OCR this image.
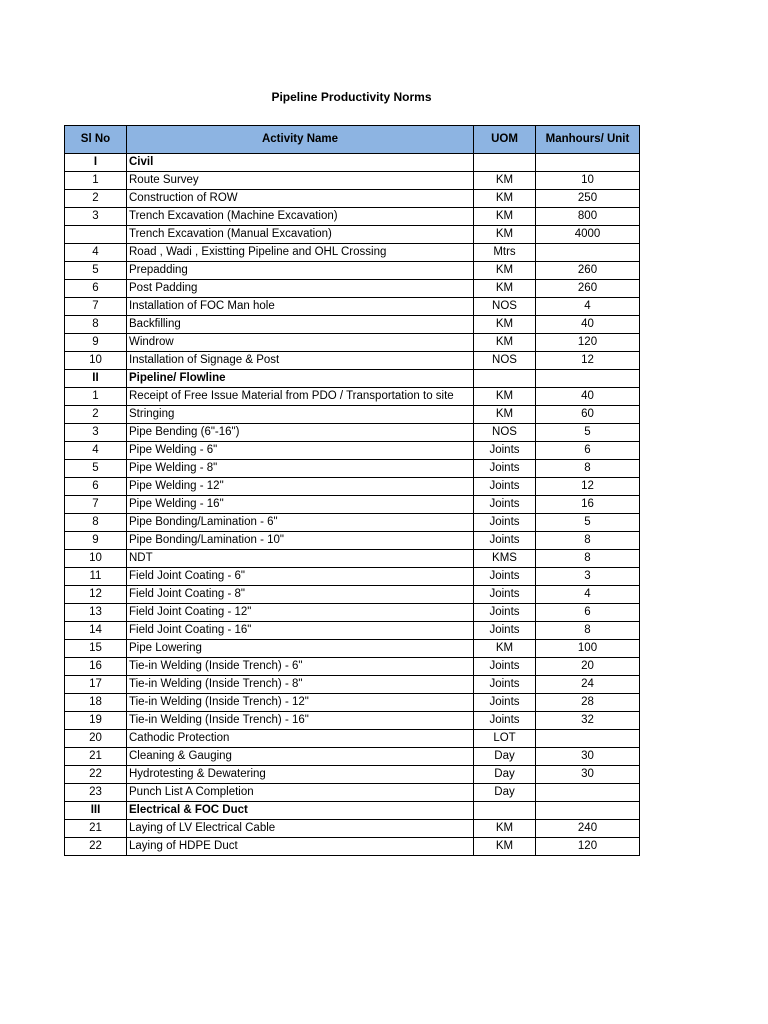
Pipeline Productivity Norms
Sl No	Activity Name	UOM	Manhours/ Unit
I	Civil		
1	Route Survey	KM	10
2	Construction of ROW	KM	250
3	Trench Excavation (Machine Excavation)	KM	800
	Trench Excavation (Manual Excavation)	KM	4000
4	Road , Wadi , Existting Pipeline and OHL Crossing	Mtrs	
5	Prepadding	KM	260
6	Post Padding	KM	260
7	Installation of FOC Man hole	NOS	4
8	Backfilling	KM	40
9	Windrow	KM	120
10	Installation of Signage & Post	NOS	12
II	Pipeline/ Flowline		
1	Receipt of Free Issue Material from PDO / Transportation to site	KM	40
2	Stringing	KM	60
3	Pipe Bending (6"-16")	NOS	5
4	Pipe Welding - 6"	Joints	6
5	Pipe Welding - 8"	Joints	8
6	Pipe Welding - 12"	Joints	12
7	Pipe Welding - 16"	Joints	16
8	Pipe Bonding/Lamination - 6"	Joints	5
9	Pipe Bonding/Lamination - 10"	Joints	8
10	NDT	KMS	8
11	Field Joint Coating - 6"	Joints	3
12	Field Joint Coating - 8"	Joints	4
13	Field Joint Coating - 12"	Joints	6
14	Field Joint Coating - 16"	Joints	8
15	Pipe Lowering	KM	100
16	Tie-in Welding (Inside Trench) - 6"	Joints	20
17	Tie-in Welding (Inside Trench) - 8"	Joints	24
18	Tie-in Welding (Inside Trench) - 12"	Joints	28
19	Tie-in Welding (Inside Trench) - 16"	Joints	32
20	Cathodic Protection	LOT	
21	Cleaning & Gauging	Day	30
22	Hydrotesting & Dewatering	Day	30
23	Punch List A Completion	Day	
III	Electrical & FOC Duct		
21	Laying of LV Electrical Cable	KM	240
22	Laying of HDPE Duct	KM	120
